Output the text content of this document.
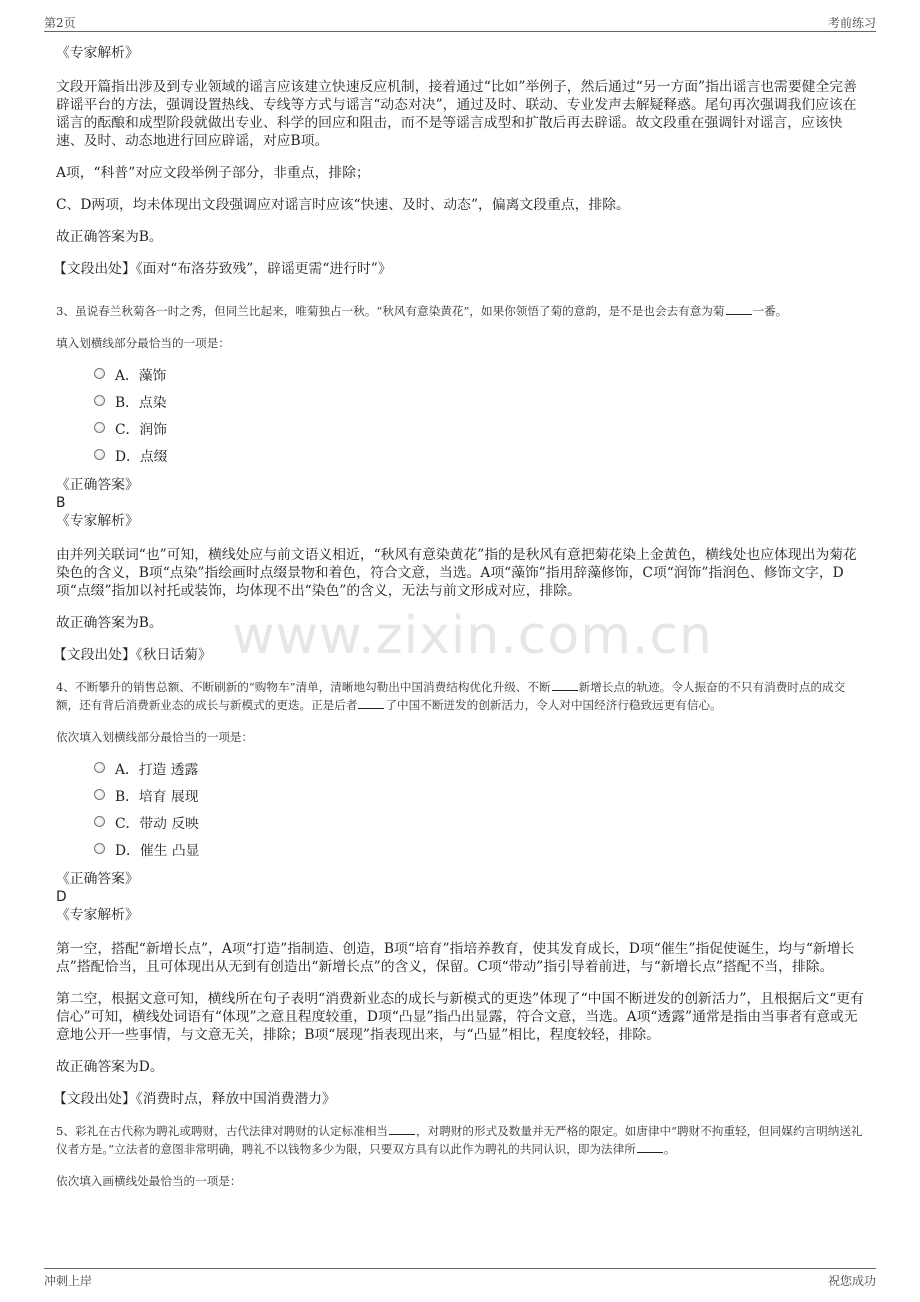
第2页	考前练习
www.zixin.com.cn

《专家解析》

文段开篇指出涉及到专业领域的谣言应该建立快速反应机制，接着通过“比如”举例子，然后通过“另一方面”指出谣言也需要健全完善辟谣平台的方法，强调设置热线、专线等方式与谣言“动态对决”，通过及时、联动、专业发声去解疑释惑。尾句再次强调我们应该在谣言的酝酿和成型阶段就做出专业、科学的回应和阻击，而不是等谣言成型和扩散后再去辟谣。故文段重在强调针对谣言，应该快速、及时、动态地进行回应辟谣，对应B项。

A项，“科普”对应文段举例子部分，非重点，排除；

C、D两项，均未体现出文段强调应对谣言时应该“快速、及时、动态”，偏离文段重点，排除。

故正确答案为B。

【文段出处】《面对“布洛芬致残”，辟谣更需“进行时”》

3、虽说春兰秋菊各一时之秀，但同兰比起来，唯菊独占一秋。“秋风有意染黄花”，如果你领悟了菊的意韵，是不是也会去有意为菊 一番。

填入划横线部分最恰当的一项是：

A．藻饰
B．点染
C．润饰
D．点缀

《正确答案》

B

《专家解析》

由并列关联词“也”可知，横线处应与前文语义相近，“秋风有意染黄花”指的是秋风有意把菊花染上金黄色，横线处也应体现出为菊花染色的含义，B项“点染”指绘画时点缀景物和着色，符合文意，当选。A项“藻饰”指用辞藻修饰，C项“润饰”指润色、修饰文字，D项“点缀”指加以衬托或装饰，均体现不出“染色”的含义，无法与前文形成对应，排除。

故正确答案为B。

【文段出处】《秋日话菊》

4、不断攀升的销售总额、不断刷新的“购物车”清单，清晰地勾勒出中国消费结构优化升级、不断 新增长点的轨迹。令人振奋的不只有消费时点的成交额，还有背后消费新业态的成长与新模式的更迭。正是后者 了中国不断迸发的创新活力，令人对中国经济行稳致远更有信心。

依次填入划横线部分最恰当的一项是：

A．打造 透露
B．培育 展现
C．带动 反映
D．催生 凸显

《正确答案》

D

《专家解析》

第一空，搭配“新增长点”，A项“打造”指制造、创造，B项“培育”指培养教育，使其发育成长，D项“催生”指促使诞生，均与“新增长点”搭配恰当，且可体现出从无到有创造出“新增长点”的含义，保留。C项“带动”指引导着前进，与“新增长点”搭配不当，排除。

第二空，根据文意可知，横线所在句子表明“消费新业态的成长与新模式的更迭”体现了“中国不断迸发的创新活力”，且根据后文“更有信心”可知，横线处词语有“体现”之意且程度较重，D项“凸显”指凸出显露，符合文意，当选。A项“透露”通常是指由当事者有意或无意地公开一些事情，与文意无关，排除；B项“展现”指表现出来，与“凸显”相比，程度较轻，排除。

故正确答案为D。

【文段出处】《消费时点，释放中国消费潜力》

5、彩礼在古代称为聘礼或聘财，古代法律对聘财的认定标准相当 ，对聘财的形式及数量并无严格的限定。如唐律中“聘财不拘重轻，但同媒约言明纳送礼仪者方是。”立法者的意图非常明确，聘礼不以钱物多少为限，只要双方具有以此作为聘礼的共同认识，即为法律所 。

依次填入画横线处最恰当的一项是：

冲刺上岸	祝您成功
